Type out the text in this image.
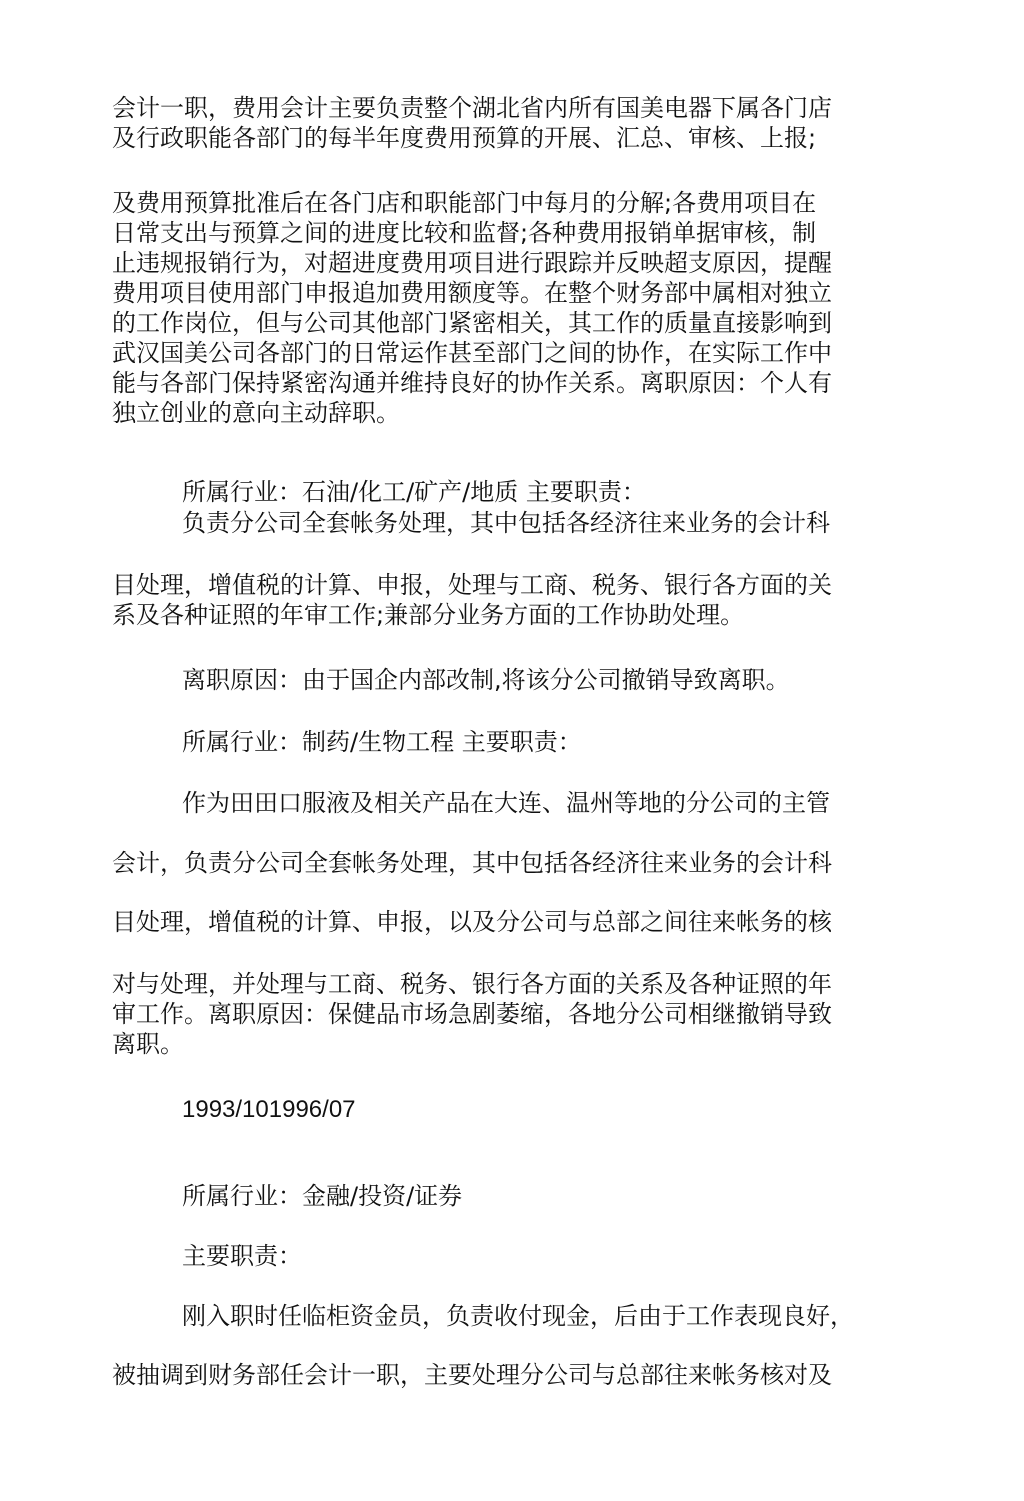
会计一职，费用会计主要负责整个湖北省内所有国美电器下属各门店
及行政职能各部门的每半年度费用预算的开展、汇总、审核、上报;
及费用预算批准后在各门店和职能部门中每月的分解;各费用项目在
日常支出与预算之间的进度比较和监督;各种费用报销单据审核，制
止违规报销行为，对超进度费用项目进行跟踪并反映超支原因，提醒
费用项目使用部门申报追加费用额度等。在整个财务部中属相对独立
的工作岗位，但与公司其他部门紧密相关，其工作的质量直接影响到
武汉国美公司各部门的日常运作甚至部门之间的协作，在实际工作中
能与各部门保持紧密沟通并维持良好的协作关系。离职原因：个人有
独立创业的意向主动辞职。
所属行业：石油/化工/矿产/地质 主要职责：
负责分公司全套帐务处理，其中包括各经济往来业务的会计科
目处理，增值税的计算、申报，处理与工商、税务、银行各方面的关
系及各种证照的年审工作;兼部分业务方面的工作协助处理。
离职原因：由于国企内部改制,将该分公司撤销导致离职。
所属行业：制药/生物工程 主要职责：
作为田田口服液及相关产品在大连、温州等地的分公司的主管
会计，负责分公司全套帐务处理，其中包括各经济往来业务的会计科
目处理，增值税的计算、申报，以及分公司与总部之间往来帐务的核
对与处理，并处理与工商、税务、银行各方面的关系及各种证照的年
审工作。离职原因：保健品市场急剧萎缩，各地分公司相继撤销导致
离职。
1993/101996/07
所属行业：金融/投资/证券
主要职责：
刚入职时任临柜资金员，负责收付现金，后由于工作表现良好，
被抽调到财务部任会计一职，主要处理分公司与总部往来帐务核对及
